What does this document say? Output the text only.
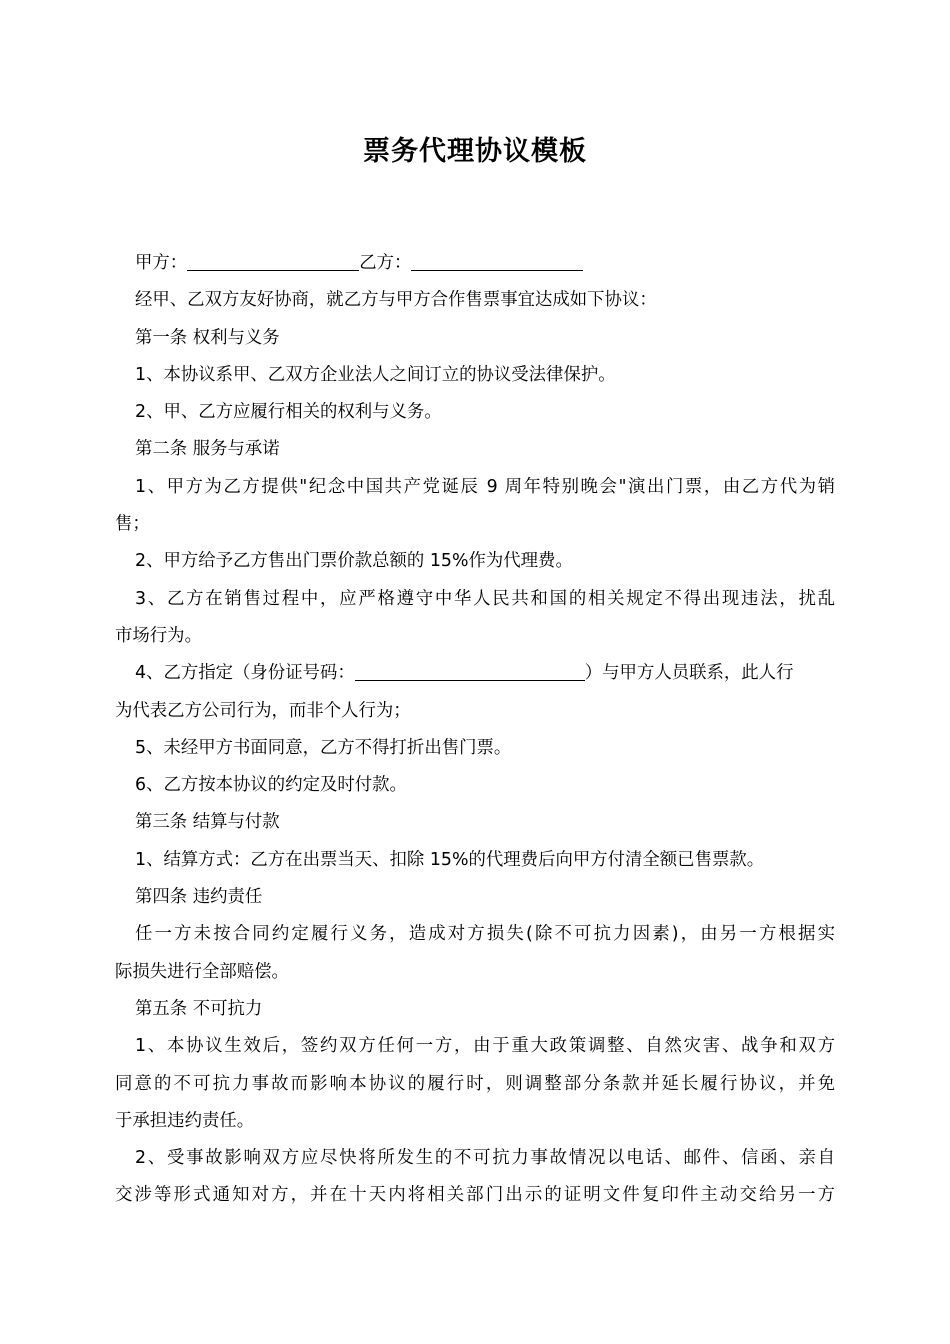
票务代理协议模板
甲方：	乙方：
经甲、乙双方友好协商，就乙方与甲方合作售票事宜达成如下协议：
第一条 权利与义务
1、本协议系甲、乙双方企业法人之间订立的协议受法律保护。
2、甲、乙方应履行相关的权利与义务。
第二条 服务与承诺
1、甲方为乙方提供"纪念中国共产党诞辰 9 周年特别晚会"演出门票，由乙方代为销
售；
2、甲方给予乙方售出门票价款总额的 15%作为代理费。
3、乙方在销售过程中，应严格遵守中华人民共和国的相关规定不得出现违法，扰乱
市场行为。
4、乙方指定（身份证号码：	）与甲方人员联系，此人行
为代表乙方公司行为，而非个人行为；
5、未经甲方书面同意，乙方不得打折出售门票。
6、乙方按本协议的约定及时付款。
第三条 结算与付款
1、结算方式：乙方在出票当天、扣除 15%的代理费后向甲方付清全额已售票款。
第四条 违约责任
任一方未按合同约定履行义务，造成对方损失(除不可抗力因素)，由另一方根据实
际损失进行全部赔偿。
第五条 不可抗力
1、本协议生效后，签约双方任何一方，由于重大政策调整、自然灾害、战争和双方
同意的不可抗力事故而影响本协议的履行时，则调整部分条款并延长履行协议，并免
于承担违约责任。
2、受事故影响双方应尽快将所发生的不可抗力事故情况以电话、邮件、信函、亲自
交涉等形式通知对方，并在十天内将相关部门出示的证明文件复印件主动交给另一方
